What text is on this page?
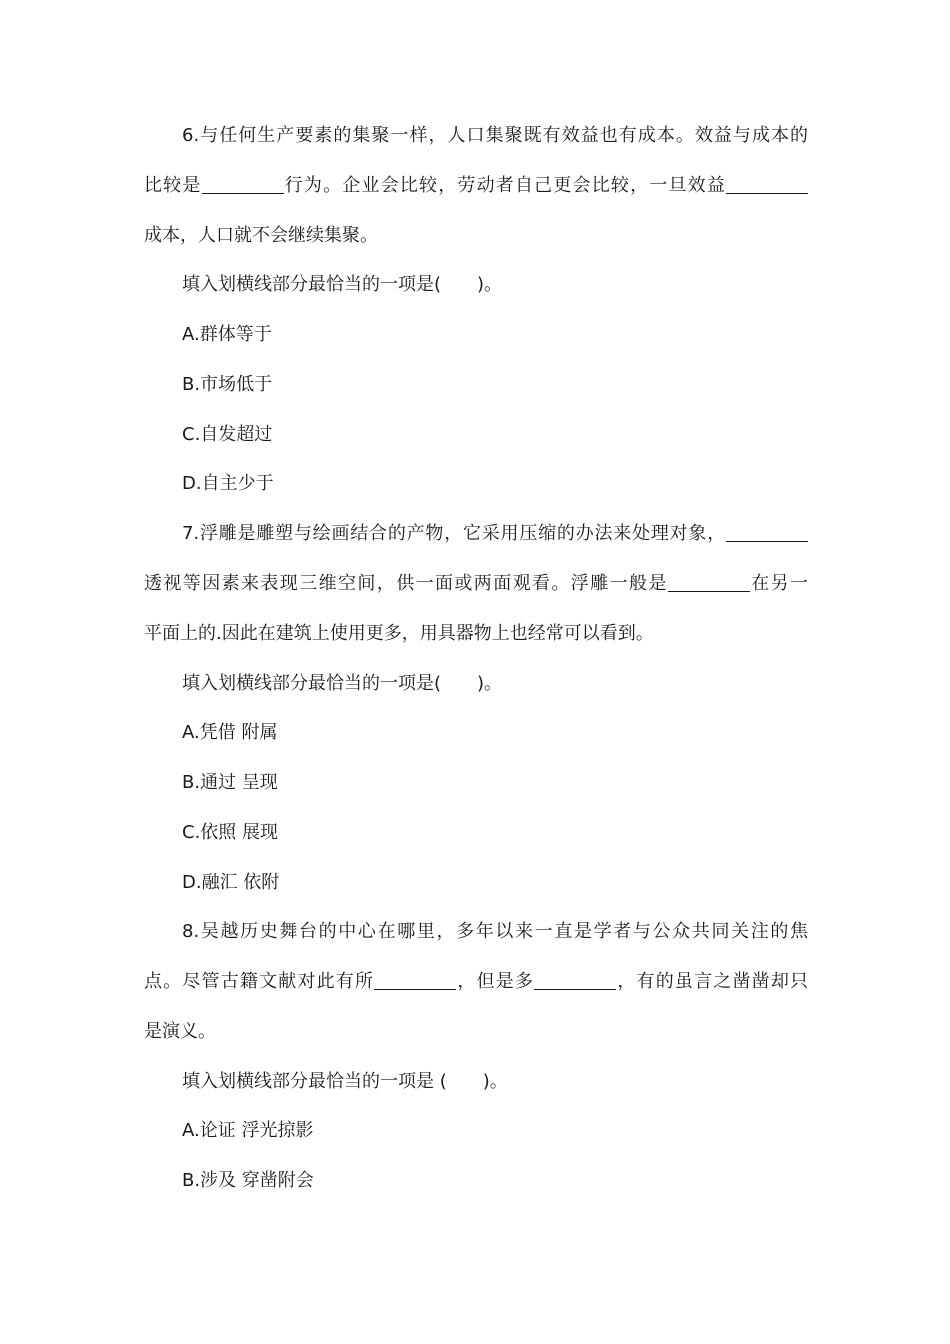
6.与任何生产要素的集聚一样，人口集聚既有效益也有成本。效益与成本的
比较是	行为。企业会比较，劳动者自己更会比较，一旦效益
成本，人口就不会继续集聚。
填入划横线部分最恰当的一项是(　　)。
A.群体等于
B.市场低于
C.自发超过
D.自主少于
7.浮雕是雕塑与绘画结合的产物，它采用压缩的办法来处理对象，
透视等因素来表现三维空间，供一面或两面观看。浮雕一般是	在另一
平面上的.因此在建筑上使用更多，用具器物上也经常可以看到。
填入划横线部分最恰当的一项是(　　)。
A.凭借 附属
B.通过 呈现
C.依照 展现
D.融汇 依附
8.吴越历史舞台的中心在哪里，多年以来一直是学者与公众共同关注的焦
点。尽管古籍文献对此有所	，但是多	，有的虽言之凿凿却只
是演义。
填入划横线部分最恰当的一项是 (　　)。
A.论证 浮光掠影
B.涉及 穿凿附会
